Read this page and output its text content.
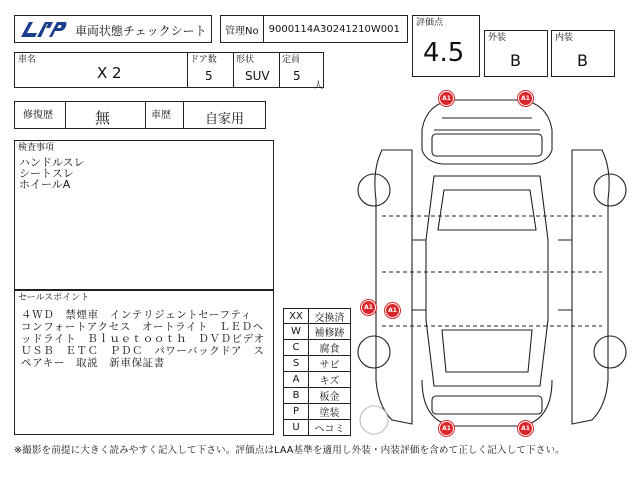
車両状態チェックシート	管理No	9000114A30241210W001
車名
X 2
ドア数
5
形状
SUV
定員
5
人
評価点
4.5	外装
B
内装
B
修復歴	無	車歴	自家用
検査事項
ハンドルスレ
シートスレ
ホイールA
セールスポイント
４ＷＤ　禁煙車　インテリジェントセーフティ　コンフォートアクセス　オートライト　ＬＥＤヘッドライト　Ｂｌｕｅｔｏｏｔｈ　ＤＶＤビデオ　ＵＳＢ　ＥＴＣ　ＰＤＣ　パワーバックドア　スペアキー　取説　新車保証書
A1	A1
A1	A1
A1	A1
XX	交換済
W	補修跡
C	腐食
S	サビ
A	キズ
B	板金
P	塗装
U	ヘコミ
※撮影を前提に大きく読みやすく記入して下さい。評価点はLAA基準を適用し外装・内装評価を含めて正しく記入して下さい。
